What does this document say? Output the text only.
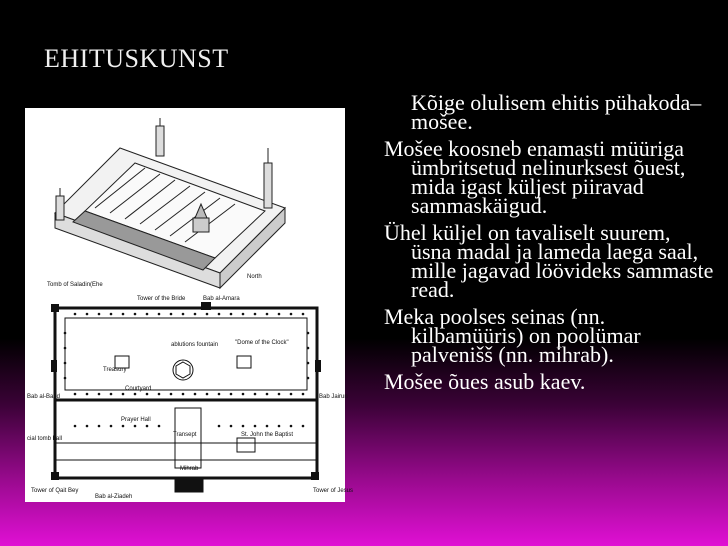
EHITUSKUNST
North
Tomb of Saladin(Ehe
Tower of the Bride	Bab al-Amara
ablutions fountain	"Dome of the Clock"
Treasury
Courtyard
Bab al-Barid	Bab Jairun
Prayer Hall
Transept	St. John the Baptist
Mihrab
cial tomb hall
Tower of Qait Bey
Bab al-Ziadeh
Tower of Jesus

Kõige olulisem ehitis pühakoda– mošee.

Mošee koosneb enamasti müüriga ümbritsetud nelinurksest õuest, mida igast küljest piiravad sammaskäigud.

Ühel küljel on tavaliselt suurem, üsna madal ja lameda laega saal, mille jagavad löövideks sammaste read.

Meka poolses seinas (nn. kilbamüüris) on poolümar palvenišš (nn. mihrab).

Mošee õues asub kaev.
